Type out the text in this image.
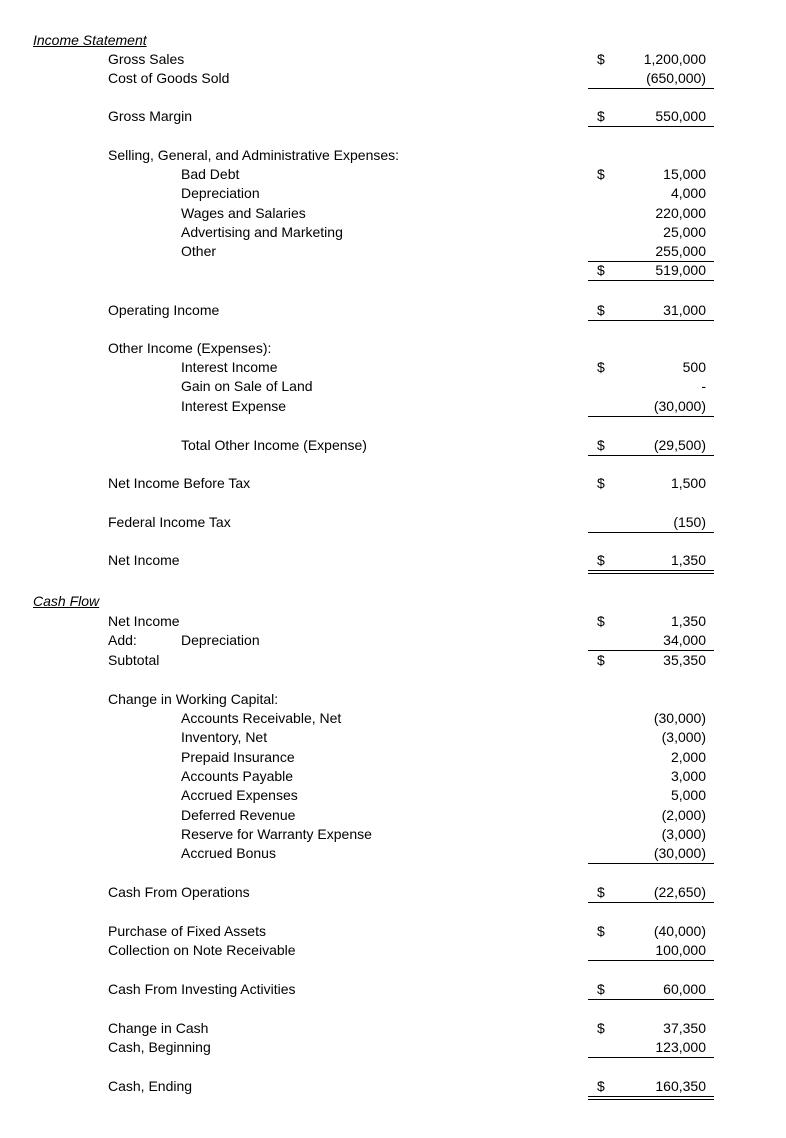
Income Statement
Cash Flow
Gross Sales	$	1,200,000
Cost of Goods Sold	(650,000)
Gross Margin	$	550,000
Selling, General, and Administrative Expenses:
Bad Debt	$	15,000
Depreciation	4,000
Wages and Salaries	220,000
Advertising and Marketing	25,000
Other	255,000
$	519,000
Operating Income	$	31,000
Other Income (Expenses):
Interest Income	$	500
Gain on Sale of Land	-
Interest Expense	(30,000)
Total Other Income (Expense)	$	(29,500)
Net Income Before Tax	$	1,500
Federal Income Tax	(150)
Net Income	$	1,350
Net Income	$	1,350
Add:	Depreciation	34,000
Subtotal	$	35,350
Change in Working Capital:
Accounts Receivable, Net	(30,000)
Inventory, Net	(3,000)
Prepaid Insurance	2,000
Accounts Payable	3,000
Accrued Expenses	5,000
Deferred Revenue	(2,000)
Reserve for Warranty Expense	(3,000)
Accrued Bonus	(30,000)
Cash From Operations	$	(22,650)
Purchase of Fixed Assets	$	(40,000)
Collection on Note Receivable	100,000
Cash From Investing Activities	$	60,000
Change in Cash	$	37,350
Cash, Beginning	123,000
Cash, Ending	$	160,350
